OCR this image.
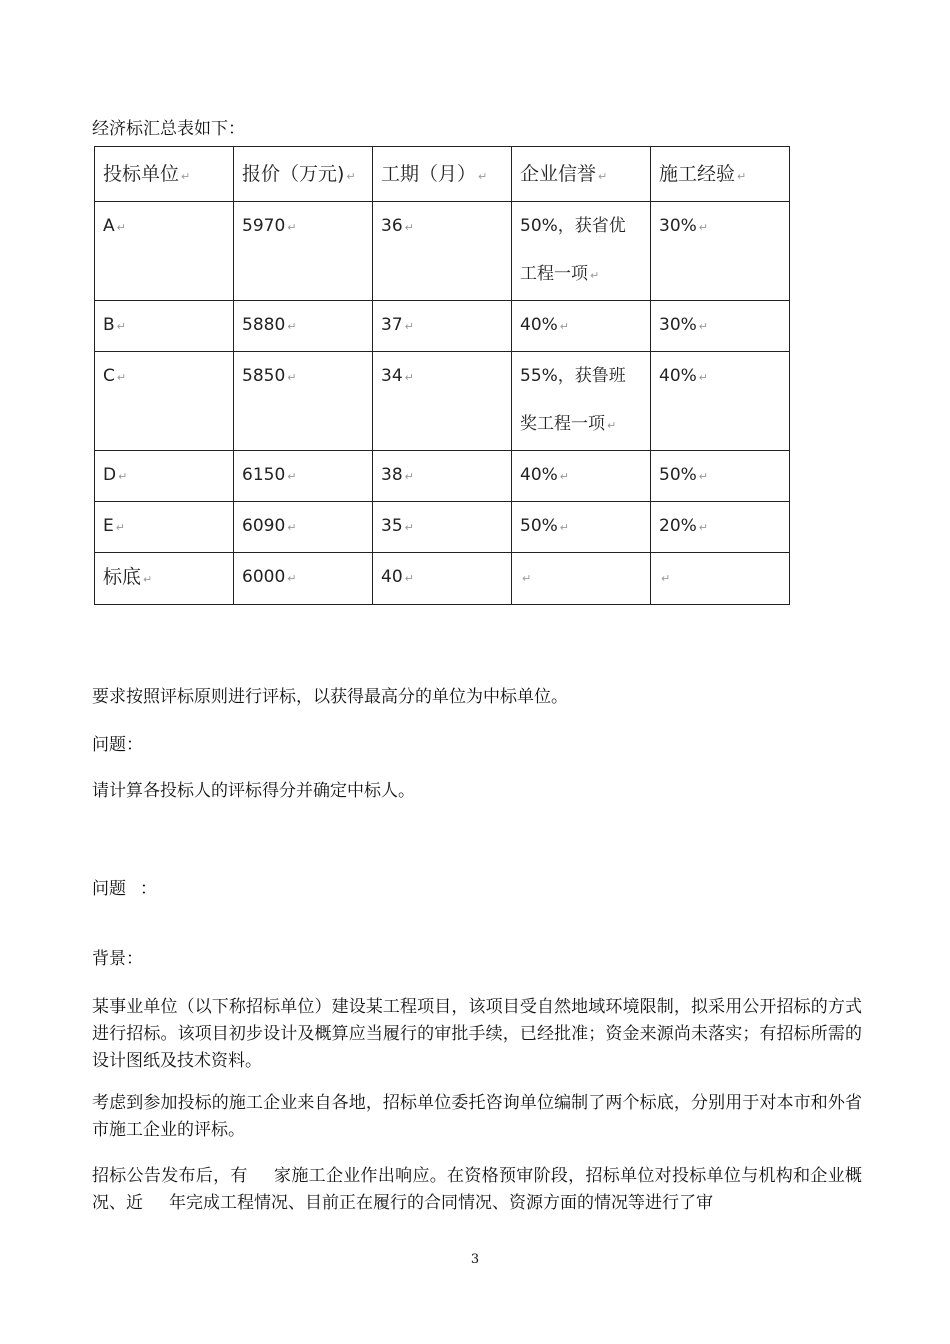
经济标汇总表如下：
投标单位 ↵	报价（万元) ↵	工期（月） ↵	企业信誉 ↵	施工经验 ↵
A ↵	5970 ↵	36 ↵	50%，获省优工程一项 ↵	30% ↵
B ↵	5880 ↵	37 ↵	40% ↵	30% ↵
C ↵	5850 ↵	34 ↵	55%，获鲁班奖工程一项 ↵	40% ↵
D ↵	6150 ↵	38 ↵	40% ↵	50% ↵
E ↵	6090 ↵	35 ↵	50% ↵	20% ↵
标底 ↵	6000 ↵	40 ↵	↵	↵
要求按照评标原则进行评标，以获得最高分的单位为中标单位。
问题：
请计算各投标人的评标得分并确定中标人。
问题 ：
背景：
某事业单位（以下称招标单位）建设某工程项目，该项目受自然地域环境限制，拟采用公开招标的方式进行招标。该项目初步设计及概算应当履行的审批手续，已经批准；资金来源尚未落实；有招标所需的设计图纸及技术资料。
考虑到参加投标的施工企业来自各地，招标单位委托咨询单位编制了两个标底，分别用于对本市和外省市施工企业的评标。
招标公告发布后，有 家施工企业作出响应。在资格预审阶段，招标单位对投标单位与机构和企业概况、近 年完成工程情况、目前正在履行的合同情况、资源方面的情况等进行了审
3
